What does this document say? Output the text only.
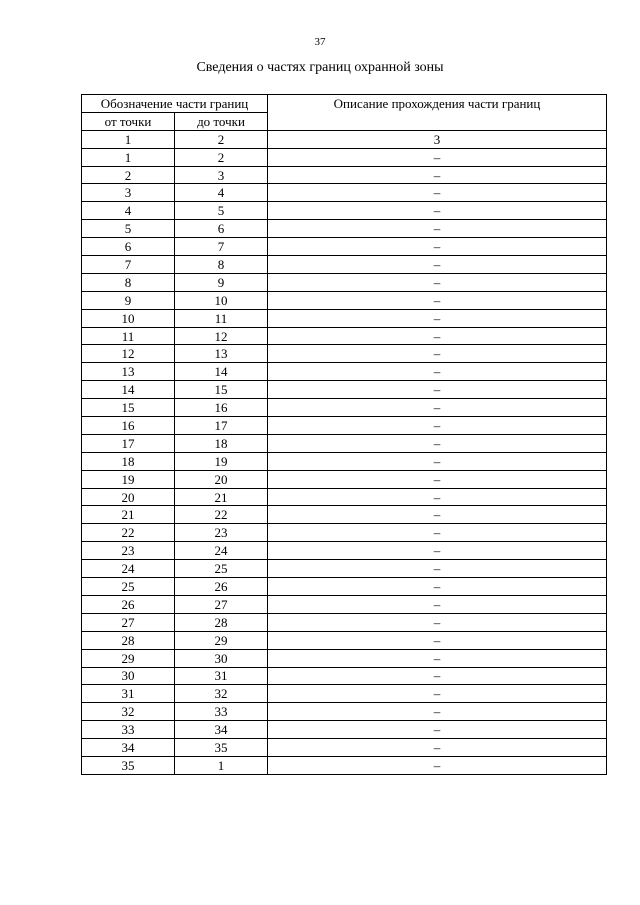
37
Сведения о частях границ охранной зоны
Обозначение части границ		Описание прохождения части границ
от точки	до точки	
1	2	3
1	2	–
2	3	–
3	4	–
4	5	–
5	6	–
6	7	–
7	8	–
8	9	–
9	10	–
10	11	–
11	12	–
12	13	–
13	14	–
14	15	–
15	16	–
16	17	–
17	18	–
18	19	–
19	20	–
20	21	–
21	22	–
22	23	–
23	24	–
24	25	–
25	26	–
26	27	–
27	28	–
28	29	–
29	30	–
30	31	–
31	32	–
32	33	–
33	34	–
34	35	–
35	1	–
